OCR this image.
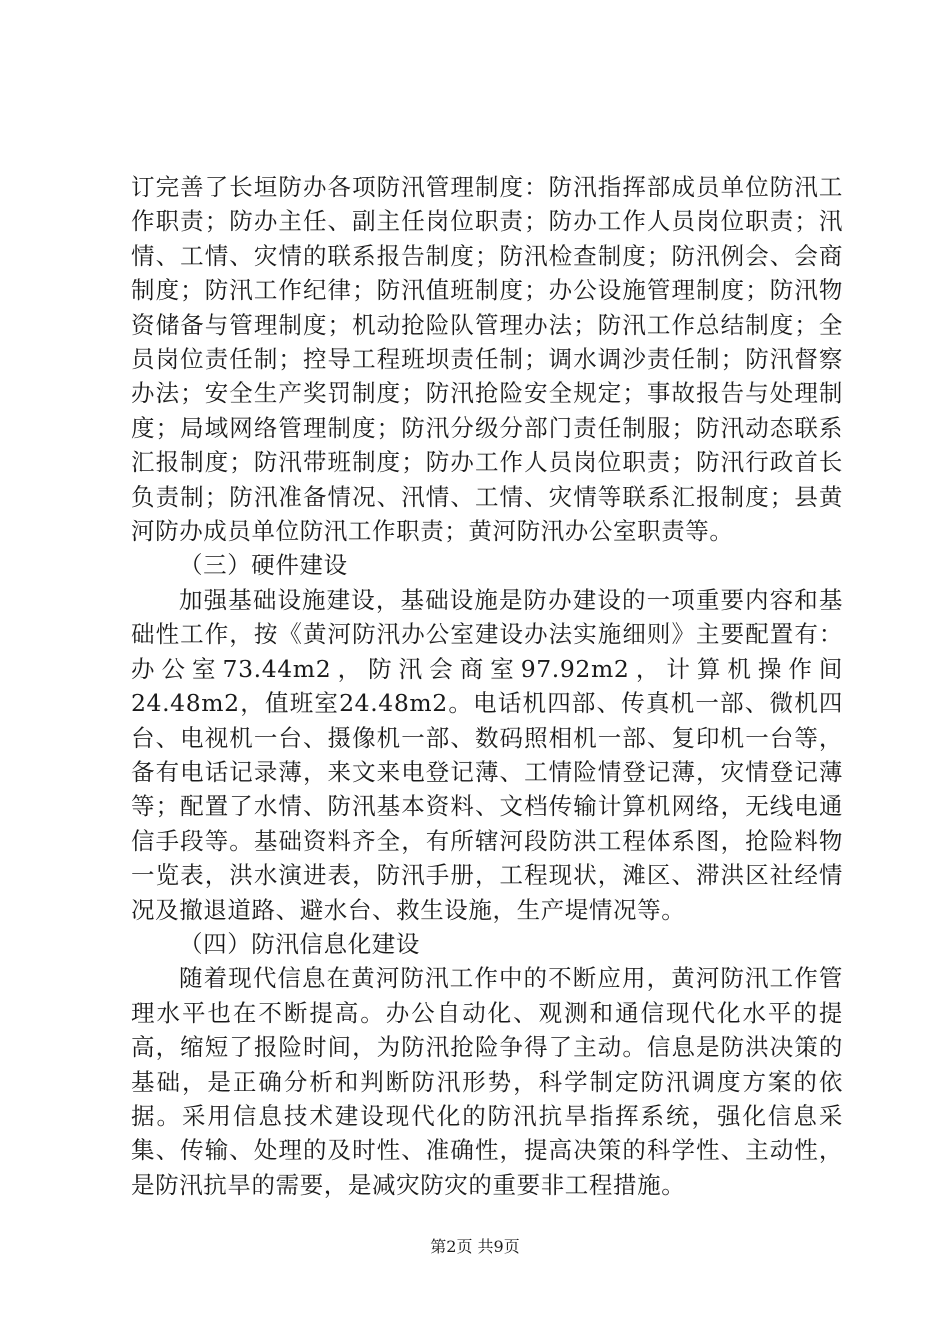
订完善了长垣防办各项防汛管理制度：防汛指挥部成员单位防汛工作职责；防办主任、副主任岗位职责；防办工作人员岗位职责；汛情、工情、灾情的联系报告制度；防汛检查制度；防汛例会、会商制度；防汛工作纪律；防汛值班制度；办公设施管理制度；防汛物资储备与管理制度；机动抢险队管理办法；防汛工作总结制度；全员岗位责任制；控导工程班坝责任制；调水调沙责任制；防汛督察办法；安全生产奖罚制度；防汛抢险安全规定；事故报告与处理制度；局域网络管理制度；防汛分级分部门责任制服；防汛动态联系汇报制度；防汛带班制度；防办工作人员岗位职责；防汛行政首长负责制；防汛准备情况、汛情、工情、灾情等联系汇报制度；县黄河防办成员单位防汛工作职责；黄河防汛办公室职责等。

（三）硬件建设

加强基础设施建设，基础设施是防办建设的一项重要内容和基础性工作，按《黄河防汛办公室建设办法实施细则》主要配置有：办公室73.44m2，防汛会商室97.92m2，计算机操作间24.48m2，值班室24.48m2。电话机四部、传真机一部、微机四台、电视机一台、摄像机一部、数码照相机一部、复印机一台等，备有电话记录薄，来文来电登记薄、工情险情登记薄，灾情登记薄等；配置了水情、防汛基本资料、文档传输计算机网络，无线电通信手段等。基础资料齐全，有所辖河段防洪工程体系图，抢险料物一览表，洪水演进表，防汛手册，工程现状，滩区、滞洪区社经情况及撤退道路、避水台、救生设施，生产堤情况等。

（四）防汛信息化建设

随着现代信息在黄河防汛工作中的不断应用，黄河防汛工作管理水平也在不断提高。办公自动化、观测和通信现代化水平的提高，缩短了报险时间，为防汛抢险争得了主动。信息是防洪决策的基础，是正确分析和判断防汛形势，科学制定防汛调度方案的依据。采用信息技术建设现代化的防汛抗旱指挥系统，强化信息采集、传输、处理的及时性、准确性，提高决策的科学性、主动性，是防汛抗旱的需要，是减灾防灾的重要非工程措施。

第2页 共9页
